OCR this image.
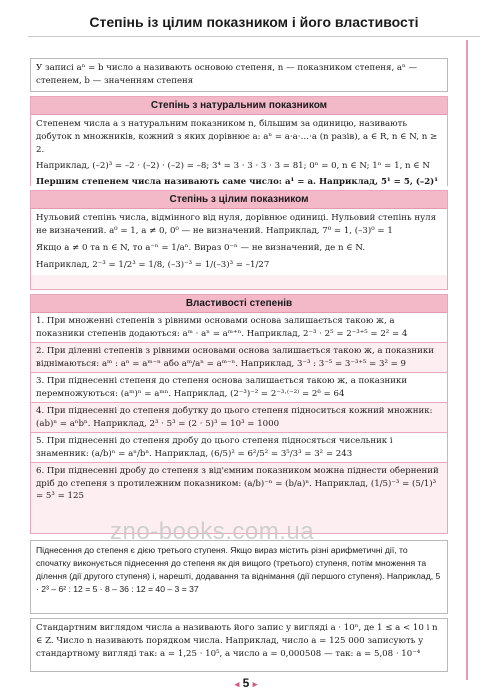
Степінь із цілим показником і його властивості
У записі aⁿ = b число a називають основою степеня, n — показником степеня, aⁿ — степенем, b — значенням степеня
Степінь з натуральним показником
Степенем числа a з натуральним показником n, більшим за одиницю, називають добуток n множників, кожний з яких дорівнює a: aⁿ = a·a·…·a (n разів), a ∈ R, n ∈ N, n ≥ 2.
Наприклад, (–2)³ = –2 · (–2) · (–2) = –8; 3⁴ = 3 · 3 · 3 · 3 = 81; 0ⁿ = 0, n ∈ N; 1ⁿ = 1, n ∈ N
Першим степенем числа називають саме число: a¹ = a. Наприклад, 5¹ = 5, (–2)¹
Степінь з цілим показником
Нульовий степінь числа, відмінного від нуля, дорівнює одиниці. Нульовий степінь нуля не визначений. a⁰ = 1, a ≠ 0, 0⁰ — не визначений. Наприклад, 7⁰ = 1, (–3)⁰ = 1
Якщо a ≠ 0 та n ∈ N, то a⁻ⁿ = 1/aⁿ. Вираз 0⁻ⁿ — не визначений, де n ∈ N.
Наприклад, 2⁻³ = 1/2³ = 1/8, (–3)⁻³ = 1/(–3)³ = –1/27
Властивості степенів
1. При множенні степенів з рівними основами основа залишається такою ж, а показники степенів додаються: aᵐ · aⁿ = aᵐ⁺ⁿ. Наприклад, 2⁻³ · 2⁵ = 2⁻³⁺⁵ = 2² = 4
2. При діленні степенів з рівними основами основа залишається такою ж, а показники віднімаються: aᵐ : aⁿ = aᵐ⁻ⁿ або aᵐ/aⁿ = aᵐ⁻ⁿ. Наприклад, 3⁻³ : 3⁻⁵ = 3⁻³⁺⁵ = 3² = 9
3. При піднесенні степеня до степеня основа залишається такою ж, а показники перемножуються: (aᵐ)ⁿ = aᵐⁿ. Наприклад, (2⁻³)⁻² = 2⁻³·⁽⁻²⁾ = 2⁶ = 64
4. При піднесенні до степеня добутку до цього степеня підноситься кожний множник: (ab)ⁿ = aⁿbⁿ. Наприклад, 2³ · 5³ = (2 · 5)³ = 10³ = 1000
5. При піднесенні до степеня дробу до цього степеня підносяться чисельник і знаменник: (a/b)ⁿ = aⁿ/bⁿ. Наприклад, (6/5)² = 6²/5² = 3⁵/3³ = 3² = 243
6. При піднесенні дробу до степеня з від'ємним показником можна піднести обернений дріб до степеня з протилежним показником: (a/b)⁻ⁿ = (b/a)ⁿ. Наприклад, (1/5)⁻³ = (5/1)³ = 5³ = 125
Піднесення до степеня є дією третього ступеня. Якщо вираз містить різні арифметичні дії, то спочатку виконується піднесення до степеня як дія вищого (третього) ступеня, потім множення та ділення (дії другого ступеня) і, нарешті, додавання та віднімання (дії першого ступеня). Наприклад, 5 · 2³ – 6² : 12 = 5 · 8 – 36 : 12 = 40 – 3 = 37
Стандартним виглядом числа a називають його запис у вигляді a · 10ⁿ, де 1 ≤ a < 10 і n ∈ Z. Число n називають порядком числа. Наприклад, число a = 125 000 записують у стандартному вигляді так: a = 1,25 · 10⁵, а число a = 0,000508 — так: a = 5,08 · 10⁻⁴
zno-books.com.ua
◂ 5 ▸
